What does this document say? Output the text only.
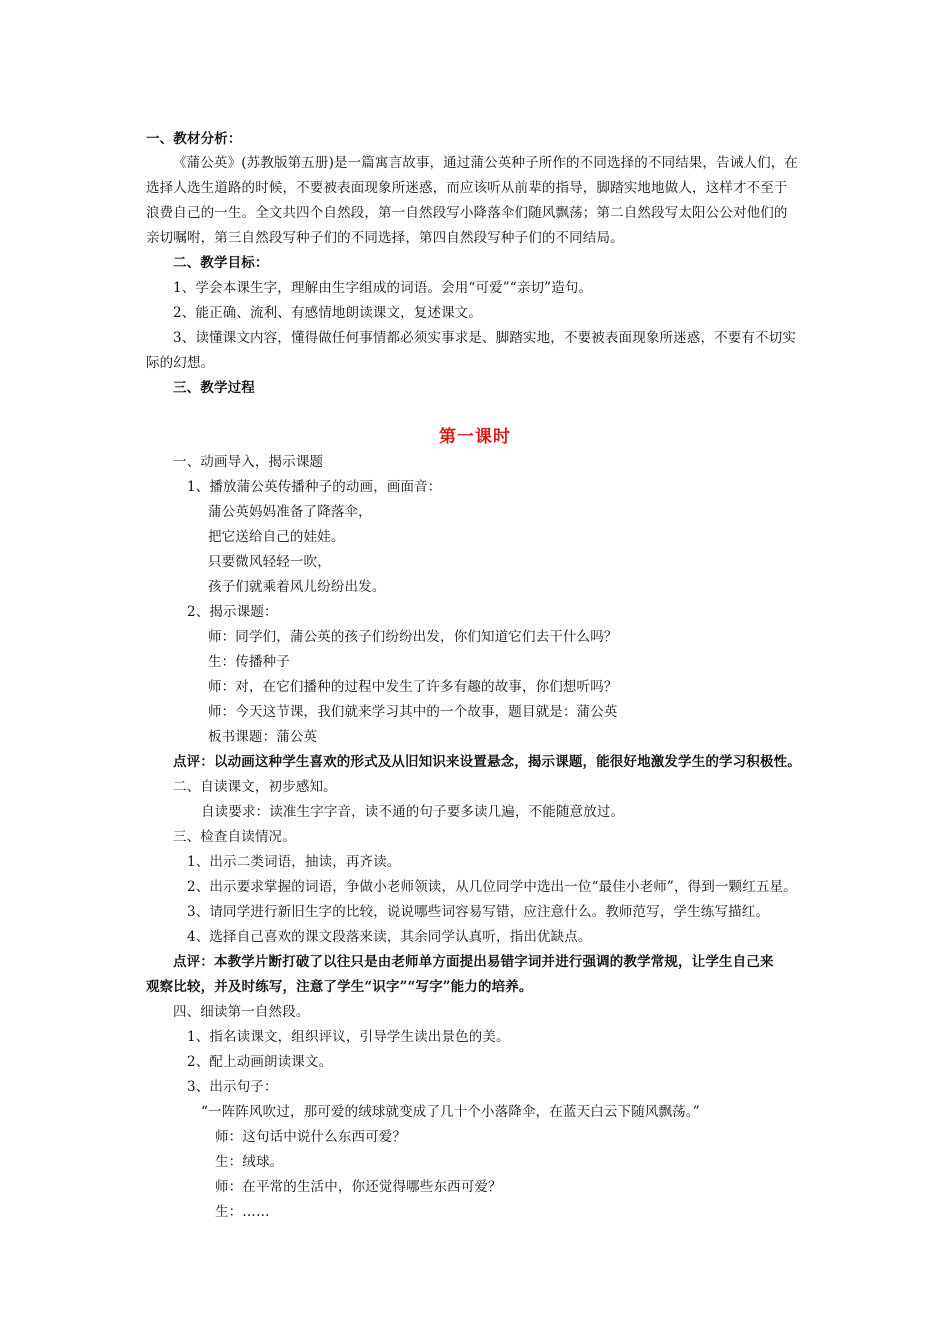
一、教材分析：
《蒲公英》(苏教版第五册)是一篇寓言故事，通过蒲公英种子所作的不同选择的不同结果，告诫人们，在
选择人选生道路的时候，不要被表面现象所迷惑，而应该听从前辈的指导，脚踏实地地做人，这样才不至于
浪费自己的一生。全文共四个自然段，第一自然段写小降落伞们随风飘荡；第二自然段写太阳公公对他们的
亲切嘱咐，第三自然段写种子们的不同选择，第四自然段写种子们的不同结局。
二、教学目标：
1、学会本课生字，理解由生字组成的词语。会用“可爱”“亲切”造句。
2、能正确、流利、有感情地朗读课文，复述课文。
3、读懂课文内容，懂得做任何事情都必须实事求是、脚踏实地，不要被表面现象所迷惑，不要有不切实
际的幻想。
三、教学过程
第一课时
一、动画导入，揭示课题
1、播放蒲公英传播种子的动画，画面音：
蒲公英妈妈准备了降落伞，
把它送给自己的娃娃。
只要微风轻轻一吹，
孩子们就乘着风儿纷纷出发。
2、揭示课题：
师：同学们，蒲公英的孩子们纷纷出发，你们知道它们去干什么吗？
生：传播种子
师：对，在它们播种的过程中发生了许多有趣的故事，你们想听吗？
师：今天这节课，我们就来学习其中的一个故事，题目就是：蒲公英
板书课题：蒲公英
点评：以动画这种学生喜欢的形式及从旧知识来设置悬念，揭示课题，能很好地激发学生的学习积极性。
二、自读课文，初步感知。
自读要求：读准生字字音，读不通的句子要多读几遍，不能随意放过。
三、检查自读情况。
1、出示二类词语，抽读，再齐读。
2、出示要求掌握的词语，争做小老师领读，从几位同学中选出一位“最佳小老师”，得到一颗红五星。
3、请同学进行新旧生字的比较，说说哪些词容易写错，应注意什么。教师范写，学生练写描红。
4、选择自己喜欢的课文段落来读，其余同学认真听，指出优缺点。
点评：本教学片断打破了以往只是由老师单方面提出易错字词并进行强调的教学常规，让学生自己来
观察比较，并及时练写，注意了学生“识字”“写字”能力的培养。
四、细读第一自然段。
1、指名读课文，组织评议，引导学生读出景色的美。
2、配上动画朗读课文。
3、出示句子：
“一阵阵风吹过，那可爱的绒球就变成了几十个小落降伞，在蓝天白云下随风飘荡。”
师：这句话中说什么东西可爱？
生：绒球。
师：在平常的生活中，你还觉得哪些东西可爱？
生：……
